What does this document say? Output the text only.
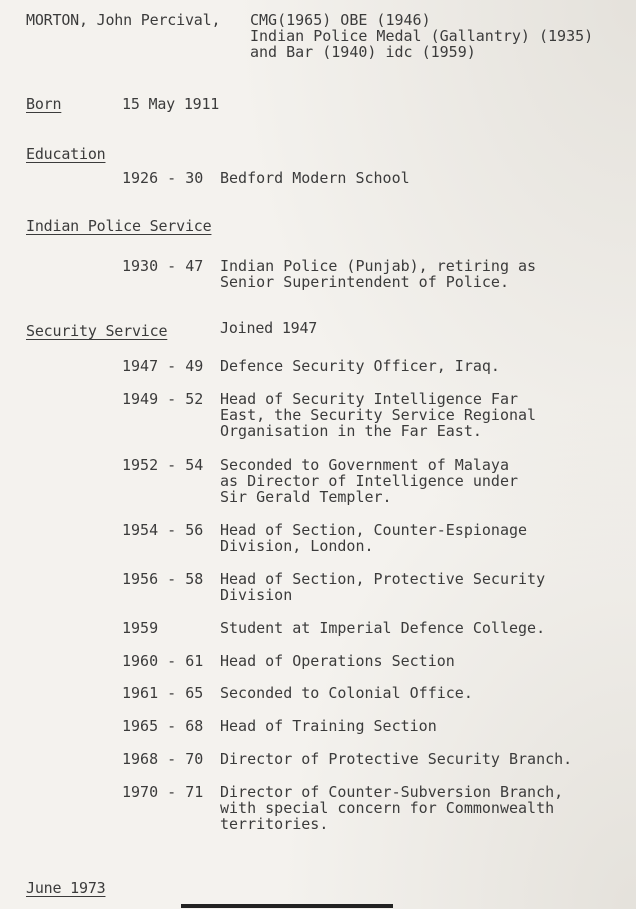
MORTON, John Percival, CMG(1965) OBE (1946)
Indian Police Medal (Gallantry) (1935)
and Bar (1940) idc (1959)
Born	15 May 1911
Education
1926 - 30 Bedford Modern School
Indian Police Service
1930 - 47 Indian Police (Punjab), retiring as
Senior Superintendent of Police.
Security Service	Joined 1947
1947 - 49 Defence Security Officer, Iraq.
1949 - 52 Head of Security Intelligence Far
East, the Security Service Regional
Organisation in the Far East.
1952 - 54 Seconded to Government of Malaya
as Director of Intelligence under
Sir Gerald Templer.
1954 - 56 Head of Section, Counter-Espionage
Division, London.
1956 - 58 Head of Section, Protective Security
Division
1959	Student at Imperial Defence College.
1960 - 61 Head of Operations Section
1961 - 65 Seconded to Colonial Office.
1965 - 68 Head of Training Section
1968 - 70 Director of Protective Security Branch.
1970 - 71 Director of Counter-Subversion Branch,
with special concern for Commonwealth
territories.
June 1973
